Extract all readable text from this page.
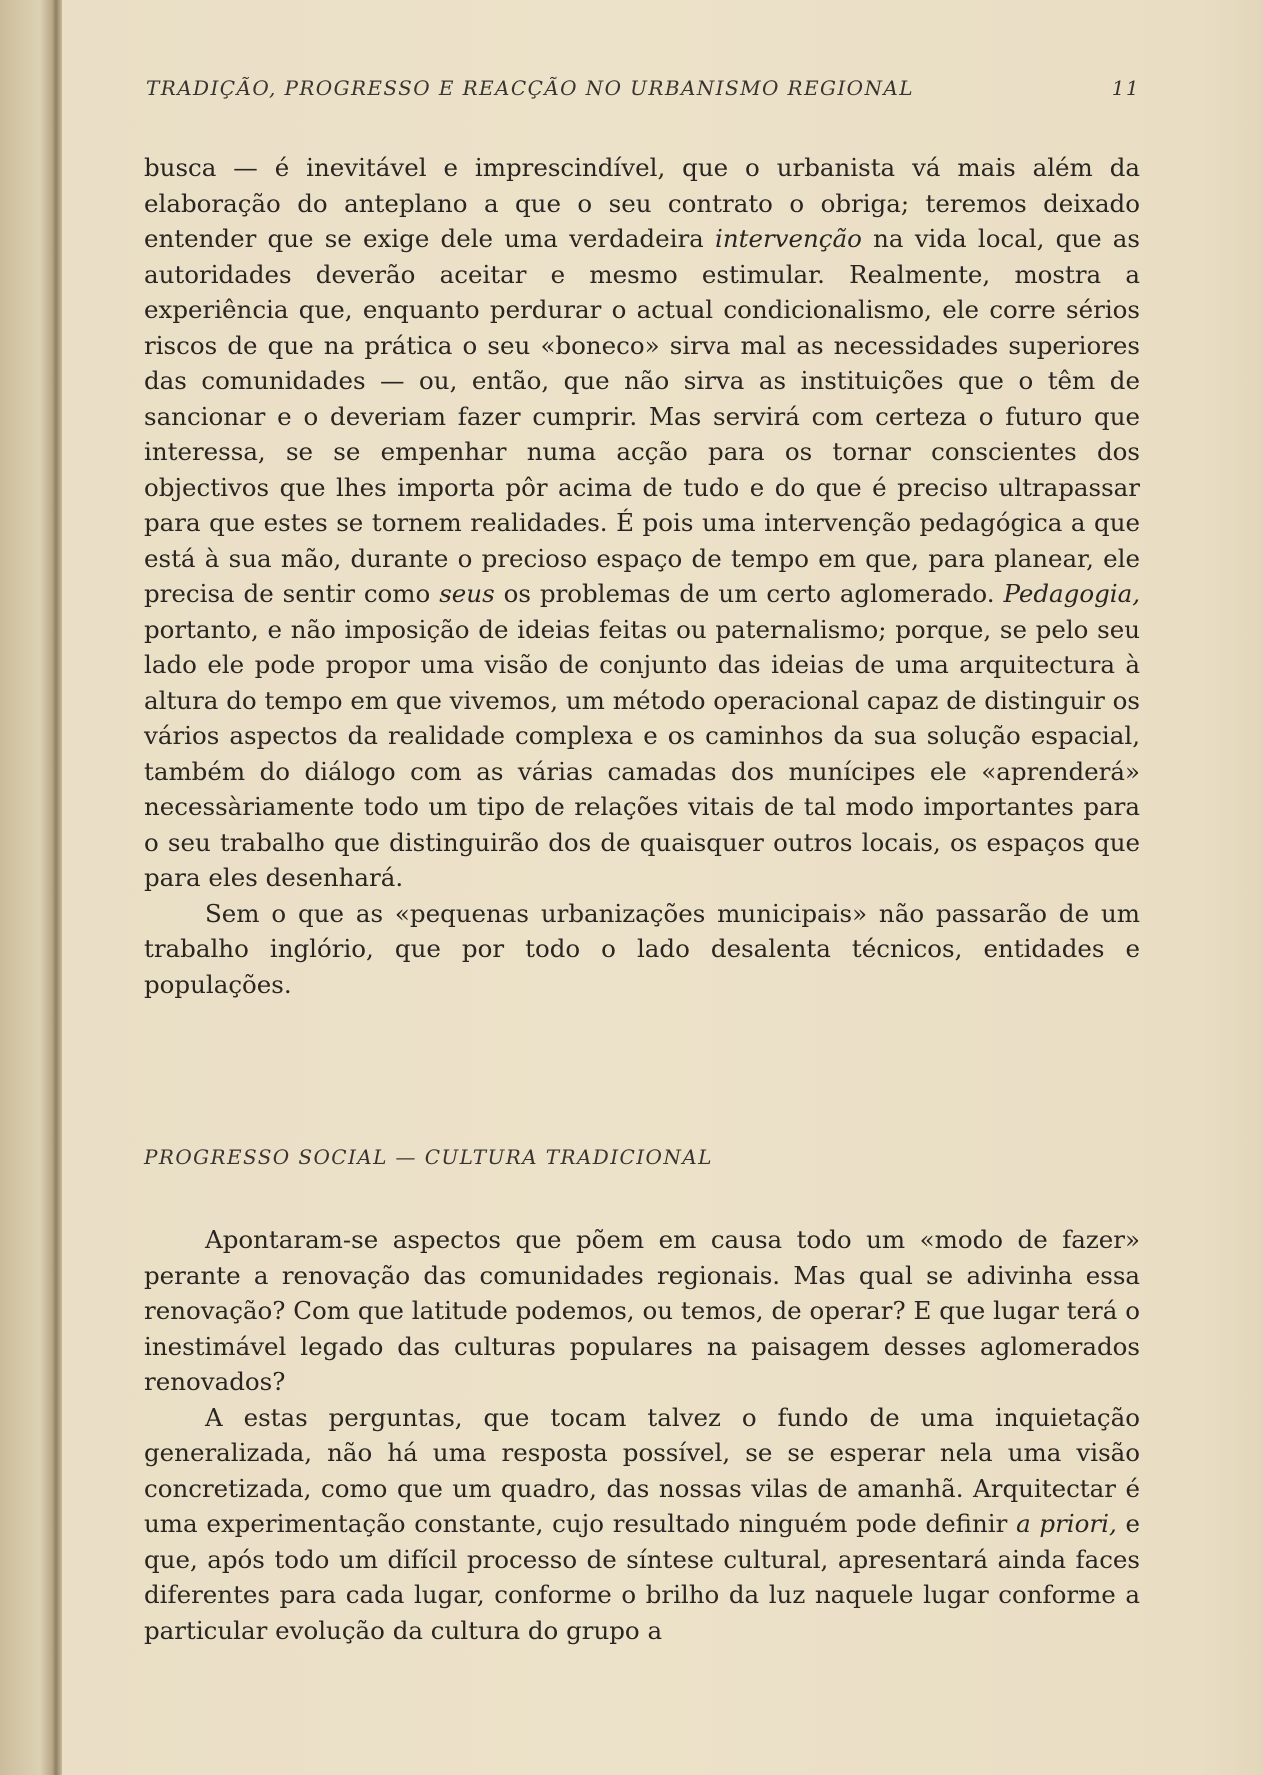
TRADIÇÃO, PROGRESSO E REACÇÃO NO URBANISMO REGIONAL	11

busca — é inevitável e imprescindível, que o urbanista vá mais além da elaboração do anteplano a que o seu contrato o obriga; teremos deixado entender que se exige dele uma verdadeira intervenção na vida local, que as autoridades deverão aceitar e mesmo estimular. Realmente, mostra a experiência que, enquanto perdurar o actual condicionalismo, ele corre sérios riscos de que na prática o seu «boneco» sirva mal as necessidades superiores das comunidades — ou, então, que não sirva as instituições que o têm de sancionar e o deveriam fazer cumprir. Mas servirá com certeza o futuro que interessa, se se empenhar numa acção para os tornar conscientes dos objectivos que lhes importa pôr acima de tudo e do que é preciso ultrapassar para que estes se tornem realidades. É pois uma intervenção pedagógica a que está à sua mão, durante o precioso espaço de tempo em que, para planear, ele precisa de sentir como seus os problemas de um certo aglomerado. Pedagogia, portanto, e não imposição de ideias feitas ou paternalismo; porque, se pelo seu lado ele pode propor uma visão de conjunto das ideias de uma arquitectura à altura do tempo em que vivemos, um método operacional capaz de distinguir os vários aspectos da realidade complexa e os caminhos da sua solução espacial, também do diálogo com as várias camadas dos munícipes ele «aprenderá» necessàriamente todo um tipo de relações vitais de tal modo importantes para o seu trabalho que distinguirão dos de quaisquer outros locais, os espaços que para eles desenhará.

Sem o que as «pequenas urbanizações municipais» não passarão de um trabalho inglório, que por todo o lado desalenta técnicos, entidades e populações.

PROGRESSO SOCIAL — CULTURA TRADICIONAL

Apontaram-se aspectos que põem em causa todo um «modo de fazer» perante a renovação das comunidades regionais. Mas qual se adivinha essa renovação? Com que latitude podemos, ou temos, de operar? E que lugar terá o inestimável legado das culturas populares na paisagem desses aglomerados renovados?

A estas perguntas, que tocam talvez o fundo de uma inquietação generalizada, não há uma resposta possível, se se esperar nela uma visão concretizada, como que um quadro, das nossas vilas de amanhã. Arquitectar é uma experimentação constante, cujo resultado ninguém pode definir a priori, e que, após todo um difícil processo de síntese cultural, apresentará ainda faces diferentes para cada lugar, conforme o brilho da luz naquele lugar conforme a particular evolução da cultura do grupo a
